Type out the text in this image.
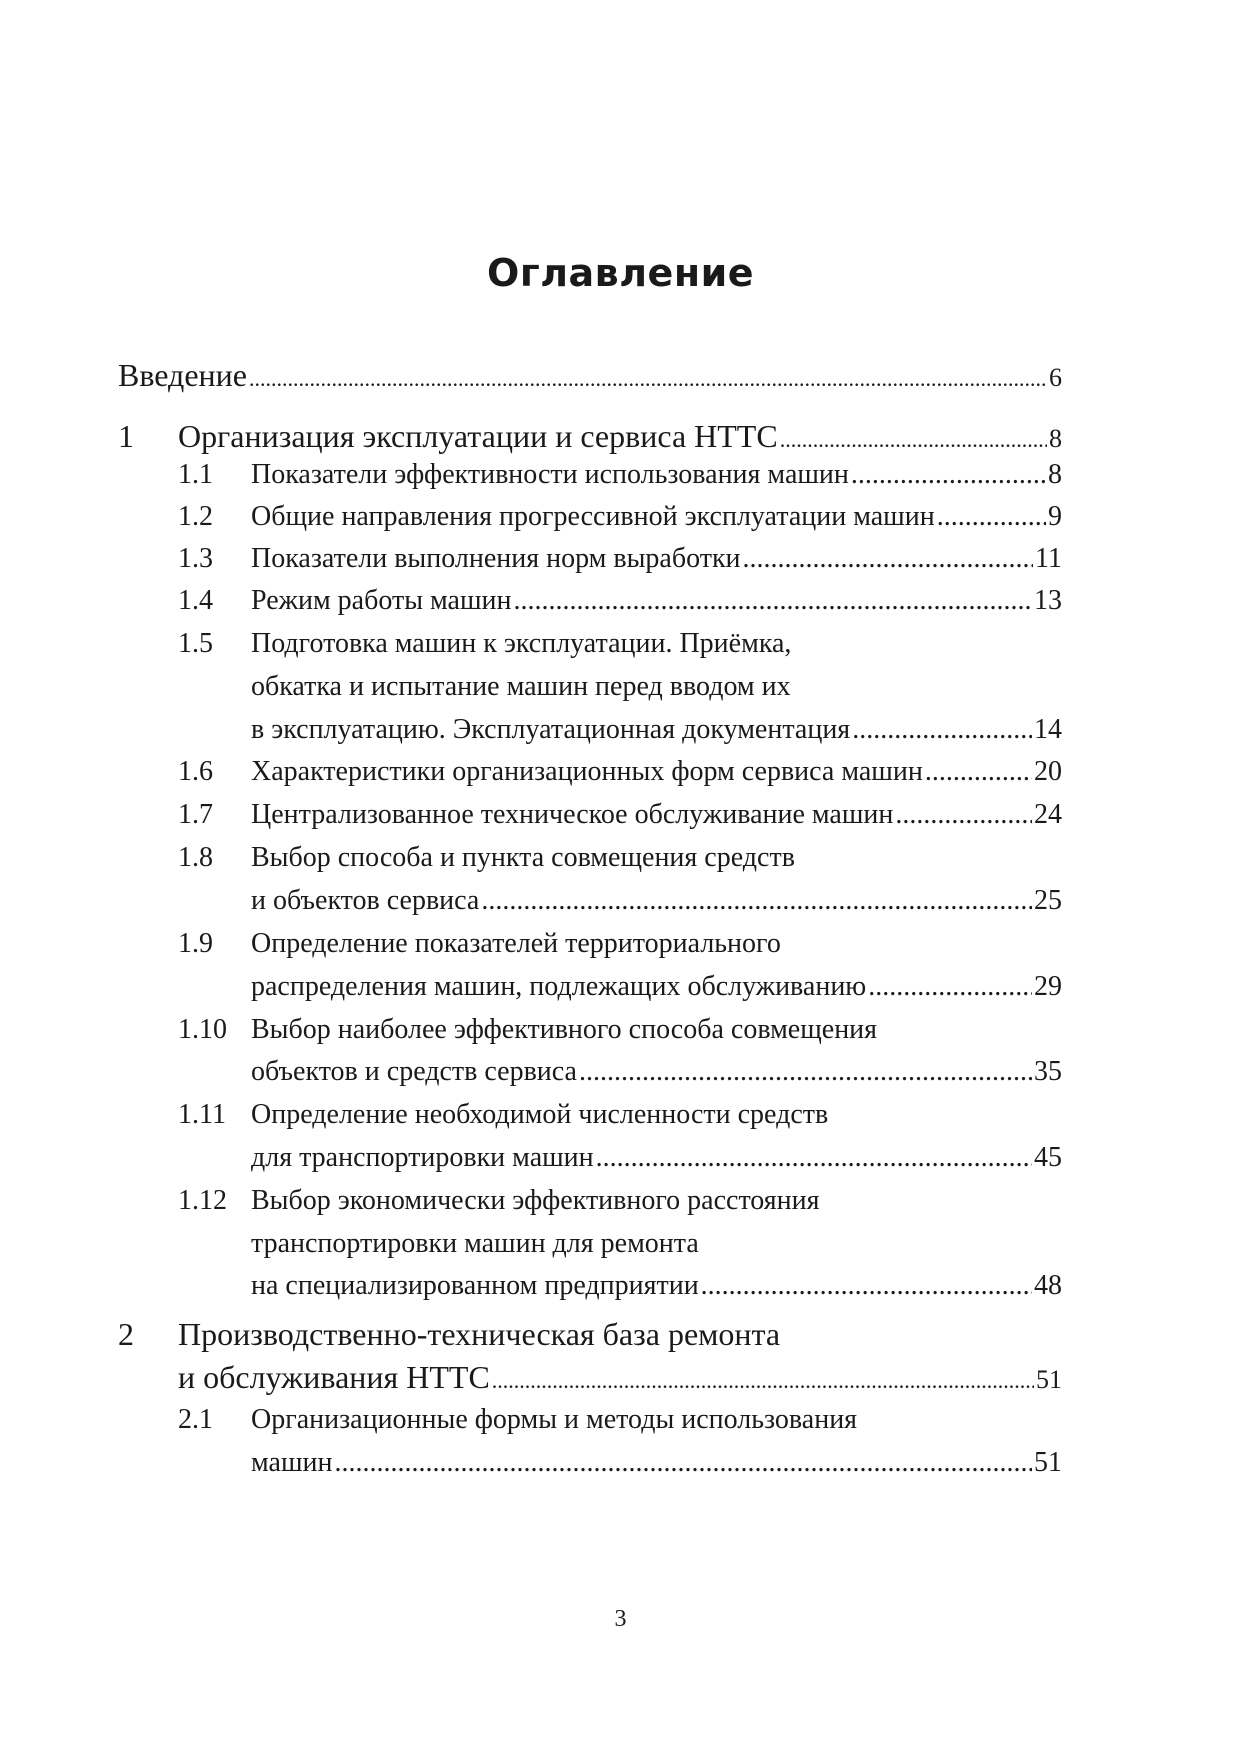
Оглавление
Введение .....	6
1 Организация эксплуатации и сервиса НТТС .....	8
1.1 Показатели эффективности использования машин .....	8
1.2 Общие направления прогрессивной эксплуатации машин .....	9
1.3 Показатели выполнения норм выработки .....	11
1.4 Режим работы машин .....	13
1.5 Подготовка машин к эксплуатации. Приёмка,
обкатка и испытание машин перед вводом их
в эксплуатацию. Эксплуатационная документация .....	14
1.6 Характеристики организационных форм сервиса машин .....	20
1.7 Централизованное техническое обслуживание машин .....	24
1.8 Выбор способа и пункта совмещения средств
и объектов сервиса .....	25
1.9 Определение показателей территориального
распределения машин, подлежащих обслуживанию .....	29
1.10 Выбор наиболее эффективного способа совмещения
объектов и средств сервиса .....	35
1.11 Определение необходимой численности средств
для транспортировки машин .....	45
1.12 Выбор экономически эффективного расстояния
транспортировки машин для ремонта
на специализированном предприятии .....	48
2 Производственно-техническая база ремонта
и обслуживания НТТС .....	51
2.1 Организационные формы и методы использования
машин .....	51
3
